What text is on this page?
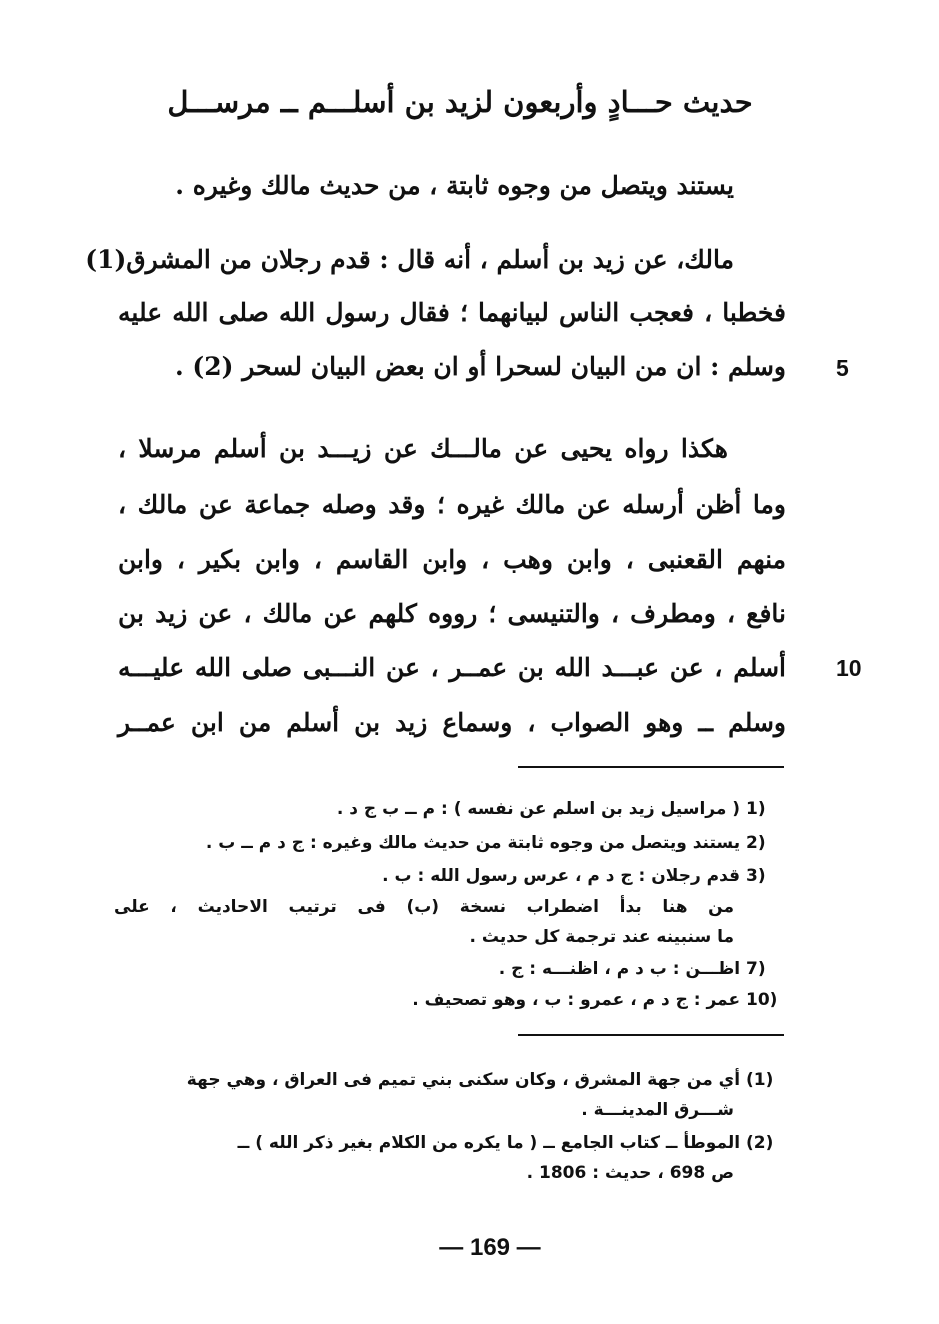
حديث حـــادٍ وأربعون لزيد بن أسلـــم ــ مرســـل
يستند ويتصل من وجوه ثابتة ، من حديث مالك وغيره .
مالك، عن زيد بن أسلم ، أنه قال : قدم رجلان من المشرق(1)
فخطبا ، فعجب الناس لبيانهما ؛ فقال رسول الله صلى الله عليه
وسلم : ان من البيان لسحرا أو ان بعض البيان لسحر (2) . 5
هكذا رواه يحيى عن مالـــك عن زيـــد بن أسلم مرسلا ،
وما أظن أرسله عن مالك غيره ؛ وقد وصله جماعة عن مالك ،
منهم القعنبى ، وابن وهب ، وابن القاسم ، وابن بكير ، وابن
نافع ، ومطرف ، والتنيسى ؛ رووه كلهم عن مالك ، عن زيد بن
أسلم ، عن عبـــد الله بن عمــر ، عن النـــبى صلى الله عليـــه
وسلم ــ وهو الصواب ، وسماع زيد بن أسلم من ابن عمــر
10
1) ( مراسيل زيد بن اسلم عن نفسه ) : م ــ ب ج د .
2) يستند ويتصل من وجوه ثابتة من حديث مالك وغيره : ج د م ــ ب .
3) قدم رجلان : ج د م ، عرس رسول الله : ب .
من هنا بدأ اضطراب نسخة (ب) فى ترتيب الاحاديث ، على
ما سنبينه عند ترجمة كل حديث .
7) اظـــن : ب د م ، اظنـــه : ج .
10) عمر : ج د م ، عمرو : ب ، وهو تصحيف .
(1) أي من جهة المشرق ، وكان سكنى بني تميم فى العراق ، وهي جهة
شـــرق المدينـــة .
(2) الموطأ ــ كتاب الجامع ــ ( ما يكره من الكلام بغير ذكر الله ) ــ
ص 698 ، حديث : 1806 .
— 169 —
